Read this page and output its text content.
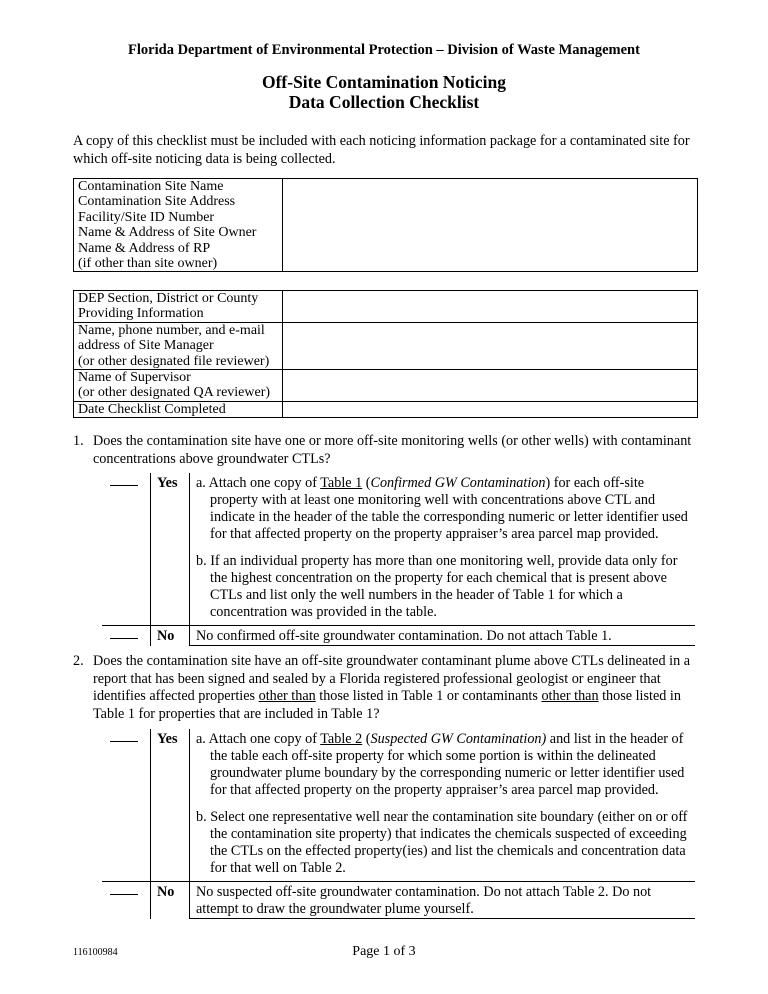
Florida Department of Environmental Protection – Division of Waste Management
Off-Site Contamination Noticing
Data Collection Checklist
A copy of this checklist must be included with each noticing information package for a contaminated site for which off-site noticing data is being collected.
Contamination Site Name
Contamination Site Address
Facility/Site ID Number
Name & Address of Site Owner
Name & Address of RP
(if other than site owner)

DEP Section, District or County
Providing Information	

Name, phone number, and e-mail
address of Site Manager
(or other designated file reviewer)	

Name of Supervisor
(or other designated QA reviewer)	

Date Checklist Completed	

1. Does the contamination site have one or more off-site monitoring wells (or other wells) with contaminant concentrations above groundwater CTLs?
	Yes	a. Attach one copy of Table 1 (Confirmed GW Contamination) for each off-site property with at least one monitoring well with concentrations above CTL and indicate in the header of the table the corresponding numeric or letter identifier used for that affected property on the property appraiser’s area parcel map provided.
b. If an individual property has more than one monitoring well, provide data only for the highest concentration on the property for each chemical that is present above CTLs and list only the well numbers in the header of Table 1 for which a concentration was provided in the table.

	No	No confirmed off-site groundwater contamination. Do not attach Table 1.
2. Does the contamination site have an off-site groundwater contaminant plume above CTLs delineated in a report that has been signed and sealed by a Florida registered professional geologist or engineer that identifies affected properties other than those listed in Table 1 or contaminants other than those listed in Table 1 for properties that are included in Table 1?
	Yes	a. Attach one copy of Table 2 (Suspected GW Contamination) and list in the header of the table each off-site property for which some portion is within the delineated groundwater plume boundary by the corresponding numeric or letter identifier used for that affected property on the property appraiser’s area parcel map provided.
b. Select one representative well near the contamination site boundary (either on or off the contamination site property) that indicates the chemicals suspected of exceeding the CTLs on the effected property(ies) and list the chemicals and concentration data for that well on Table 2.

	No	No suspected off-site groundwater contamination. Do not attach Table 2. Do not attempt to draw the groundwater plume yourself.
116100984	Page 1 of 3
